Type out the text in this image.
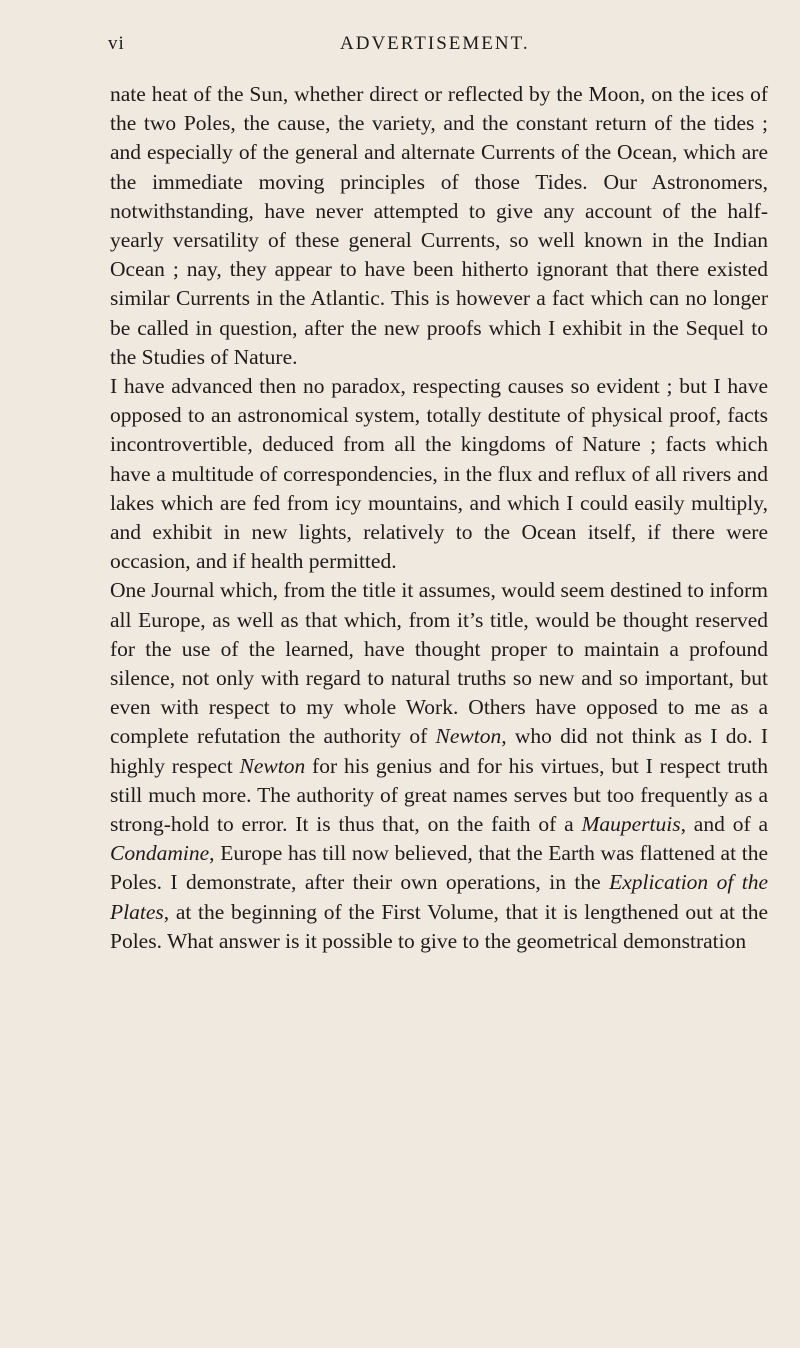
vi	ADVERTISEMENT.

nate heat of the Sun, whether direct or reflected by the Moon, on the ices of the two Poles, the cause, the variety, and the constant return of the tides ; and especially of the general and alternate Currents of the Ocean, which are the immediate moving principles of those Tides. Our Astronomers, notwithstanding, have never attempted to give any account of the half-yearly versatility of these general Currents, so well known in the Indian Ocean ; nay, they appear to have been hitherto ignorant that there existed similar Currents in the Atlantic. This is however a fact which can no longer be called in question, after the new proofs which I exhibit in the Sequel to the Studies of Nature.

I have advanced then no paradox, respecting causes so evident ; but I have opposed to an astronomical system, totally destitute of physical proof, facts incontrovertible, deduced from all the kingdoms of Nature ; facts which have a multitude of correspondencies, in the flux and reflux of all rivers and lakes which are fed from icy mountains, and which I could easily multiply, and exhibit in new lights, relatively to the Ocean itself, if there were occasion, and if health permitted.

One Journal which, from the title it assumes, would seem destined to inform all Europe, as well as that which, from it’s title, would be thought reserved for the use of the learned, have thought proper to maintain a profound silence, not only with regard to natural truths so new and so important, but even with respect to my whole Work. Others have opposed to me as a complete refutation the authority of Newton, who did not think as I do. I highly respect Newton for his genius and for his virtues, but I respect truth still much more. The authority of great names serves but too frequently as a strong-hold to error. It is thus that, on the faith of a Maupertuis, and of a Condamine, Europe has till now believed, that the Earth was flattened at the Poles. I demonstrate, after their own operations, in the Explication of the Plates, at the beginning of the First Volume, that it is lengthened out at the Poles. What answer is it possible to give to the geometrical demonstration
